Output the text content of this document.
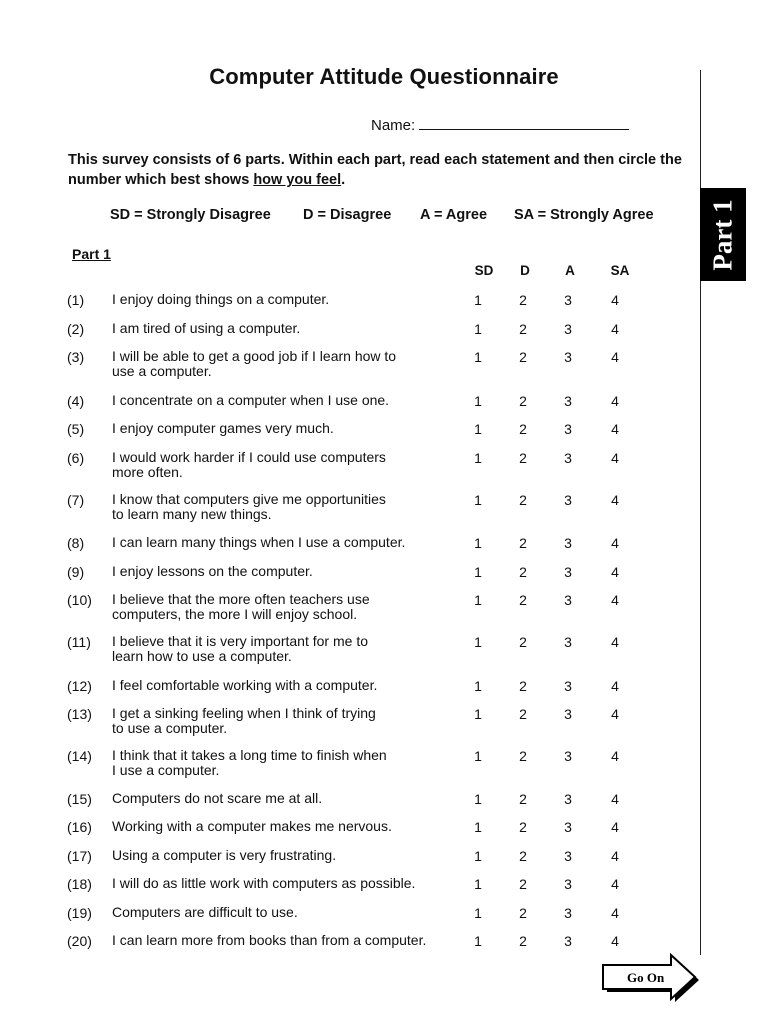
Computer Attitude Questionnaire
Name:
This survey consists of 6 parts. Within each part, read each statement and then circle the number which best shows how you feel.
SD = Strongly Disagree D = Disagree A = Agree SA = Strongly Agree
Part 1
SD	D	A	SA
(1) I enjoy doing things on a computer.	1	2	3	4
(2) I am tired of using a computer.	1	2	3	4
(3) I will be able to get a good job if I learn how to
use a computer.
1	2	3	4
(4) I concentrate on a computer when I use one.	1	2	3	4
(5) I enjoy computer games very much.	1	2	3	4
(6) I would work harder if I could use computers
more often.
1	2	3	4
(7) I know that computers give me opportunities
to learn many new things.
1	2	3	4
(8) I can learn many things when I use a computer.	1	2	3	4
(9) I enjoy lessons on the computer.	1	2	3	4
(10) I believe that the more often teachers use
computers, the more I will enjoy school.
1	2	3	4
(11) I believe that it is very important for me to
learn how to use a computer.
1	2	3	4
(12) I feel comfortable working with a computer.	1	2	3	4
(13) I get a sinking feeling when I think of trying
to use a computer.
1	2	3	4
(14) I think that it takes a long time to finish when
I use a computer.
1	2	3	4
(15) Computers do not scare me at all.	1	2	3	4
(16) Working with a computer makes me nervous.	1	2	3	4
(17) Using a computer is very frustrating.	1	2	3	4
(18) I will do as little work with computers as possible.	1	2	3	4
(19) Computers are difficult to use.	1	2	3	4
(20) I can learn more from books than from a computer.	1	2	3	4
Part 1
Go On
